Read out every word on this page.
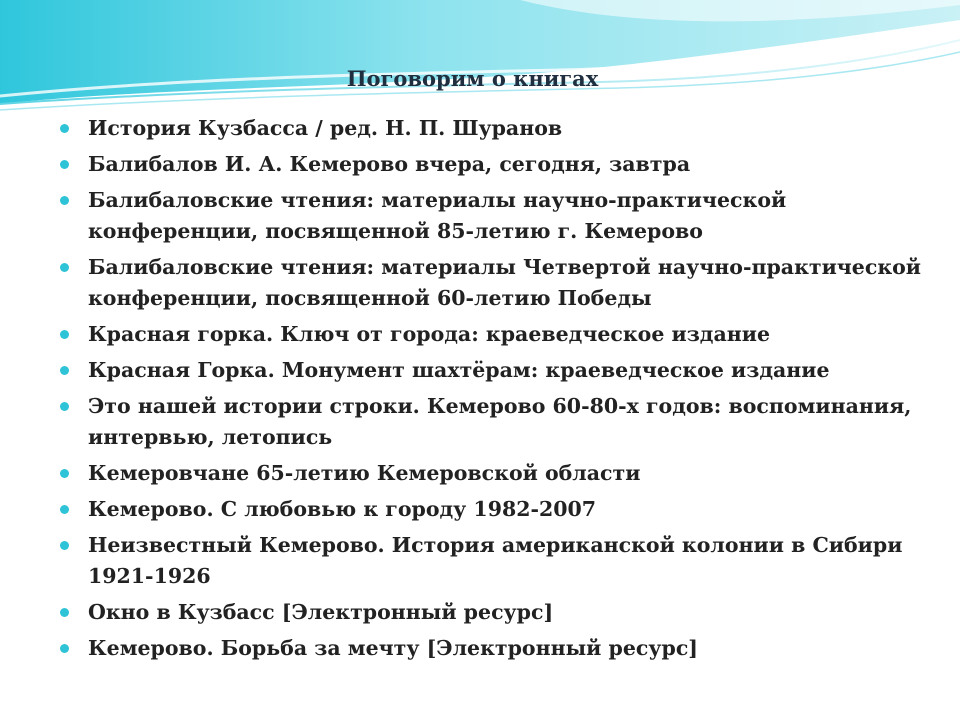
Поговорим о книгах
История Кузбасса / ред. Н. П. Шуранов
Балибалов И. А. Кемерово вчера, сегодня, завтра
Балибаловские чтения: материалы научно-практической конференции, посвященной 85-летию г. Кемерово
Балибаловские чтения: материалы Четвертой научно-практической конференции, посвященной 60-летию Победы
Красная горка. Ключ от города: краеведческое издание
Красная Горка. Монумент шахтёрам: краеведческое издание
Это нашей истории строки. Кемерово 60-80-х годов: воспоминания, интервью, летопись
Кемеровчане 65-летию Кемеровской области
Кемерово. С любовью к городу 1982-2007
Неизвестный Кемерово. История американской колонии в Сибири 1921-1926
Окно в Кузбасс [Электронный ресурс]
Кемерово. Борьба за мечту [Электронный ресурс]
